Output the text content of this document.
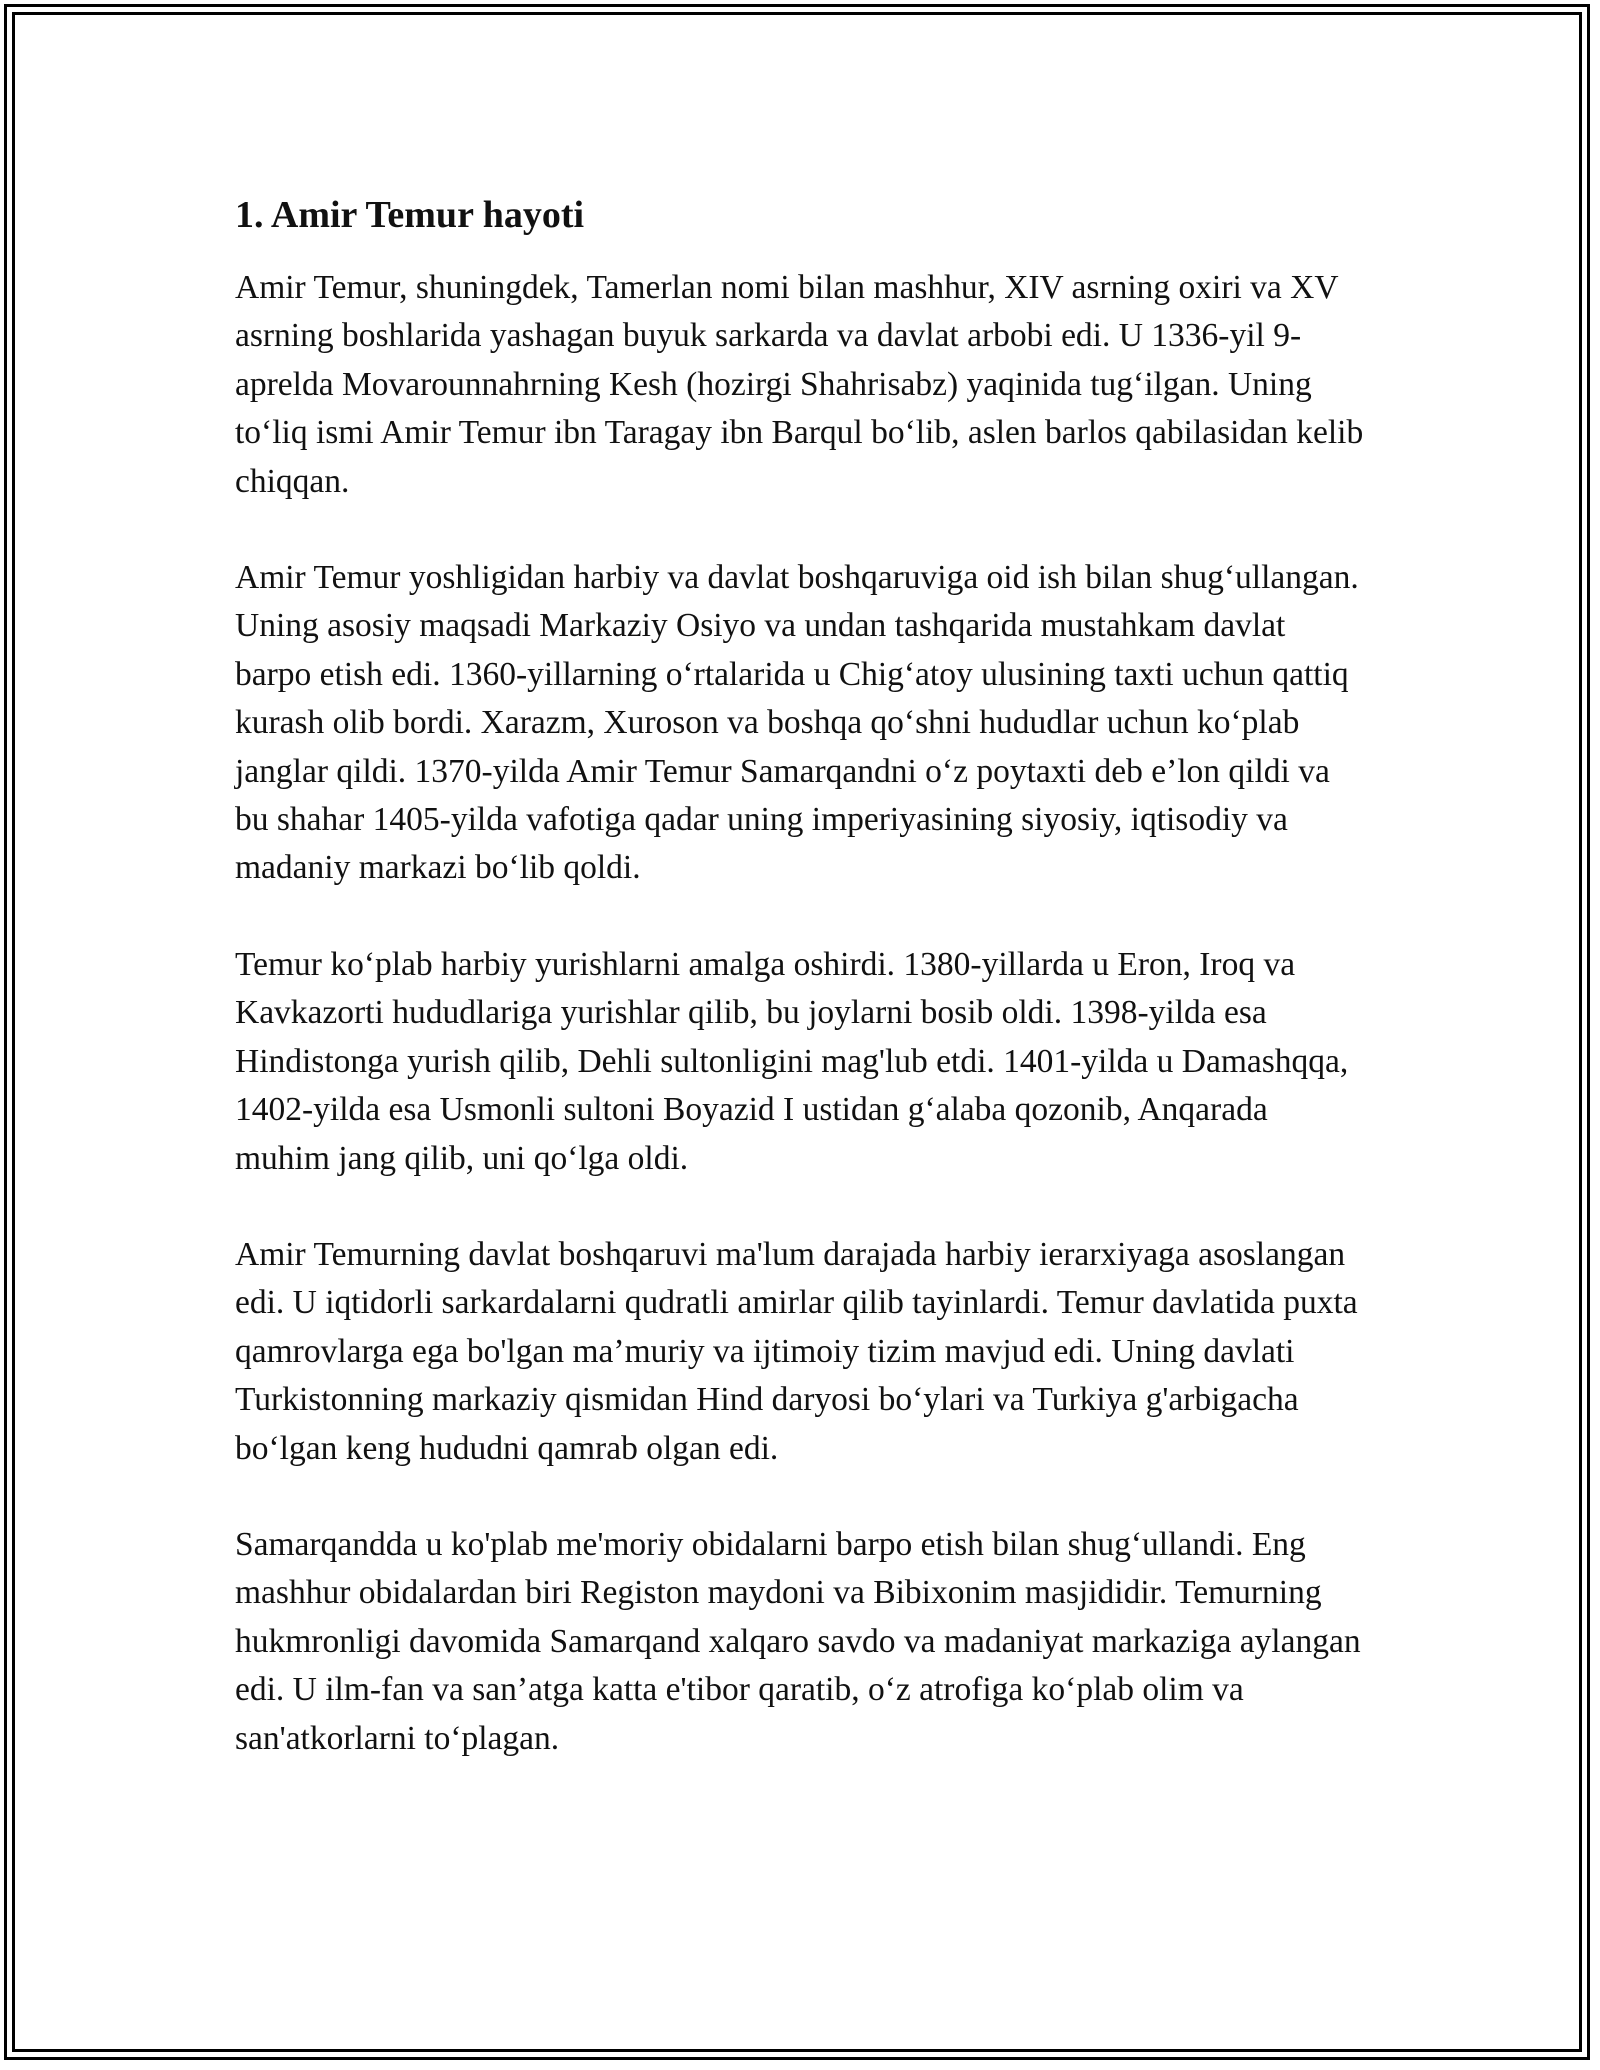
1. Amir Temur hayoti

Amir Temur, shuningdek, Tamerlan nomi bilan mashhur, XIV asrning oxiri va XV asrning boshlarida yashagan buyuk sarkarda va davlat arbobi edi. U 1336-yil 9-aprelda Movarounnahrning Kesh (hozirgi Shahrisabz) yaqinida tug‘ilgan. Uning to‘liq ismi Amir Temur ibn Taragay ibn Barqul bo‘lib, aslen barlos qabilasidan kelib chiqqan.

Amir Temur yoshligidan harbiy va davlat boshqaruviga oid ish bilan shug‘ullangan. Uning asosiy maqsadi Markaziy Osiyo va undan tashqarida mustahkam davlat barpo etish edi. 1360-yillarning o‘rtalarida u Chig‘atoy ulusining taxti uchun qattiq kurash olib bordi. Xarazm, Xuroson va boshqa qo‘shni hududlar uchun ko‘plab janglar qildi. 1370-yilda Amir Temur Samarqandni o‘z poytaxti deb e’lon qildi va bu shahar 1405-yilda vafotiga qadar uning imperiyasining siyosiy, iqtisodiy va madaniy markazi bo‘lib qoldi.

Temur ko‘plab harbiy yurishlarni amalga oshirdi. 1380-yillarda u Eron, Iroq va Kavkazorti hududlariga yurishlar qilib, bu joylarni bosib oldi. 1398-yilda esa Hindistonga yurish qilib, Dehli sultonligini mag'lub etdi. 1401-yilda u Damashqqa, 1402-yilda esa Usmonli sultoni Boyazid I ustidan g‘alaba qozonib, Anqarada muhim jang qilib, uni qo‘lga oldi.

Amir Temurning davlat boshqaruvi ma'lum darajada harbiy ierarxiyaga asoslangan edi. U iqtidorli sarkardalarni qudratli amirlar qilib tayinlardi. Temur davlatida puxta qamrovlarga ega bo'lgan ma’muriy va ijtimoiy tizim mavjud edi. Uning davlati Turkistonning markaziy qismidan Hind daryosi bo‘ylari va Turkiya g'arbigacha bo‘lgan keng hududni qamrab olgan edi.

Samarqandda u ko'plab me'moriy obidalarni barpo etish bilan shug‘ullandi. Eng mashhur obidalardan biri Registon maydoni va Bibixonim masjididir. Temurning hukmronligi davomida Samarqand xalqaro savdo va madaniyat markaziga aylangan edi. U ilm-fan va san’atga katta e'tibor qaratib, o‘z atrofiga ko‘plab olim va san'atkorlarni to‘plagan.
